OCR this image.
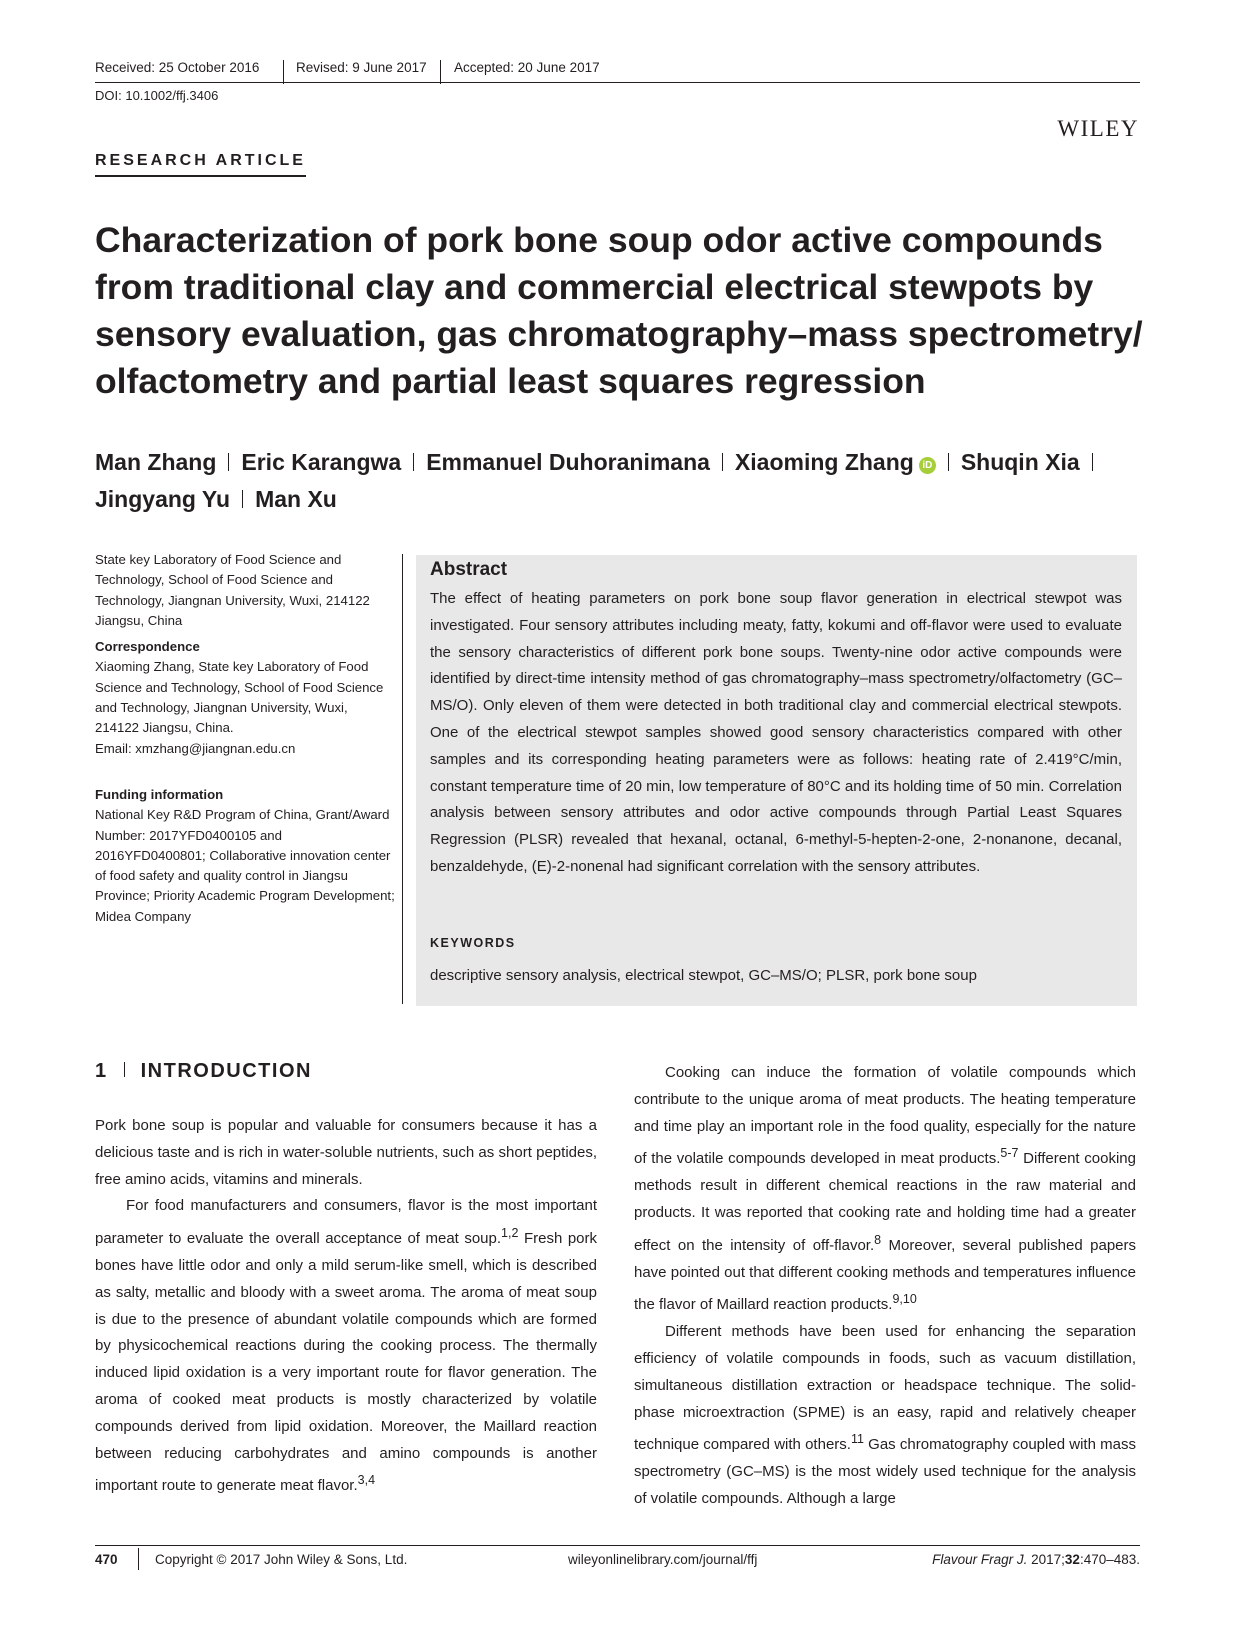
Received: 25 October 2016	Revised: 9 June 2017 Accepted: 20 June 2017
DOI: 10.1002/ffj.3406
WILEY
RESEARCH ARTICLE
Characterization of pork bone soup odor active compounds
from traditional clay and commercial electrical stewpots by
sensory evaluation, gas chromatography–mass spectrometry/
olfactometry and partial least squares regression
Man Zhang Eric Karangwa Emmanuel Duhoranimana Xiaoming Zhang iD Shuqin Xia
Jingyang Yu Man Xu
State key Laboratory of Food Science and Technology, School of Food Science and Technology, Jiangnan University, Wuxi, 214122 Jiangsu, China
Correspondence
Xiaoming Zhang, State key Laboratory of Food Science and Technology, School of Food Science and Technology, Jiangnan University, Wuxi, 214122 Jiangsu, China.
Email: xmzhang@jiangnan.edu.cn
Funding information
National Key R&D Program of China, Grant/Award Number: 2017YFD0400105 and 2016YFD0400801; Collaborative innovation center of food safety and quality control in Jiangsu Province; Priority Academic Program Development; Midea Company
Abstract
The effect of heating parameters on pork bone soup flavor generation in electrical stewpot was investigated. Four sensory attributes including meaty, fatty, kokumi and off-flavor were used to evaluate the sensory characteristics of different pork bone soups. Twenty-nine odor active compounds were identified by direct-time intensity method of gas chromatography–mass spectrometry/olfactometry (GC–MS/O). Only eleven of them were detected in both traditional clay and commercial electrical stewpots. One of the electrical stewpot samples showed good sensory characteristics compared with other samples and its corresponding heating parameters were as follows: heating rate of 2.419°C/min, constant temperature time of 20 min, low temperature of 80°C and its holding time of 50 min. Correlation analysis between sensory attributes and odor active compounds through Partial Least Squares Regression (PLSR) revealed that hexanal, octanal, 6-methyl-5-hepten-2-one, 2-nonanone, decanal, benzaldehyde, (E)-2-nonenal had significant correlation with the sensory attributes.
KEYWORDS
descriptive sensory analysis, electrical stewpot, GC–MS/O; PLSR, pork bone soup
1 INTRODUCTION

Pork bone soup is popular and valuable for consumers because it has a delicious taste and is rich in water-soluble nutrients, such as short peptides, free amino acids, vitamins and minerals.

For food manufacturers and consumers, flavor is the most important parameter to evaluate the overall acceptance of meat soup.$^{1,2}$ Fresh pork bones have little odor and only a mild serum-like smell, which is described as salty, metallic and bloody with a sweet aroma. The aroma of meat soup is due to the presence of abundant volatile compounds which are formed by physicochemical reactions during the cooking process. The thermally induced lipid oxidation is a very important route for flavor generation. The aroma of cooked meat products is mostly characterized by volatile compounds derived from lipid oxidation. Moreover, the Maillard reaction between reducing carbohydrates and amino compounds is another important route to generate meat flavor.$^{3,4}$

Cooking can induce the formation of volatile compounds which contribute to the unique aroma of meat products. The heating temperature and time play an important role in the food quality, especially for the nature of the volatile compounds developed in meat products.$^{5-7}$ Different cooking methods result in different chemical reactions in the raw material and products. It was reported that cooking rate and holding time had a greater effect on the intensity of off-flavor.$^8$ Moreover, several published papers have pointed out that different cooking methods and temperatures influence the flavor of Maillard reaction products.$^{9,10}$

Different methods have been used for enhancing the separation efficiency of volatile compounds in foods, such as vacuum distillation, simultaneous distillation extraction or headspace technique. The solid-phase microextraction (SPME) is an easy, rapid and relatively cheaper technique compared with others.$^{11}$ Gas chromatography coupled with mass spectrometry (GC–MS) is the most widely used technique for the analysis of volatile compounds. Although a large

470	Copyright © 2017 John Wiley & Sons, Ltd.	wileyonlinelibrary.com/journal/ffj	Flavour Fragr J. 2017;32:470–483.
